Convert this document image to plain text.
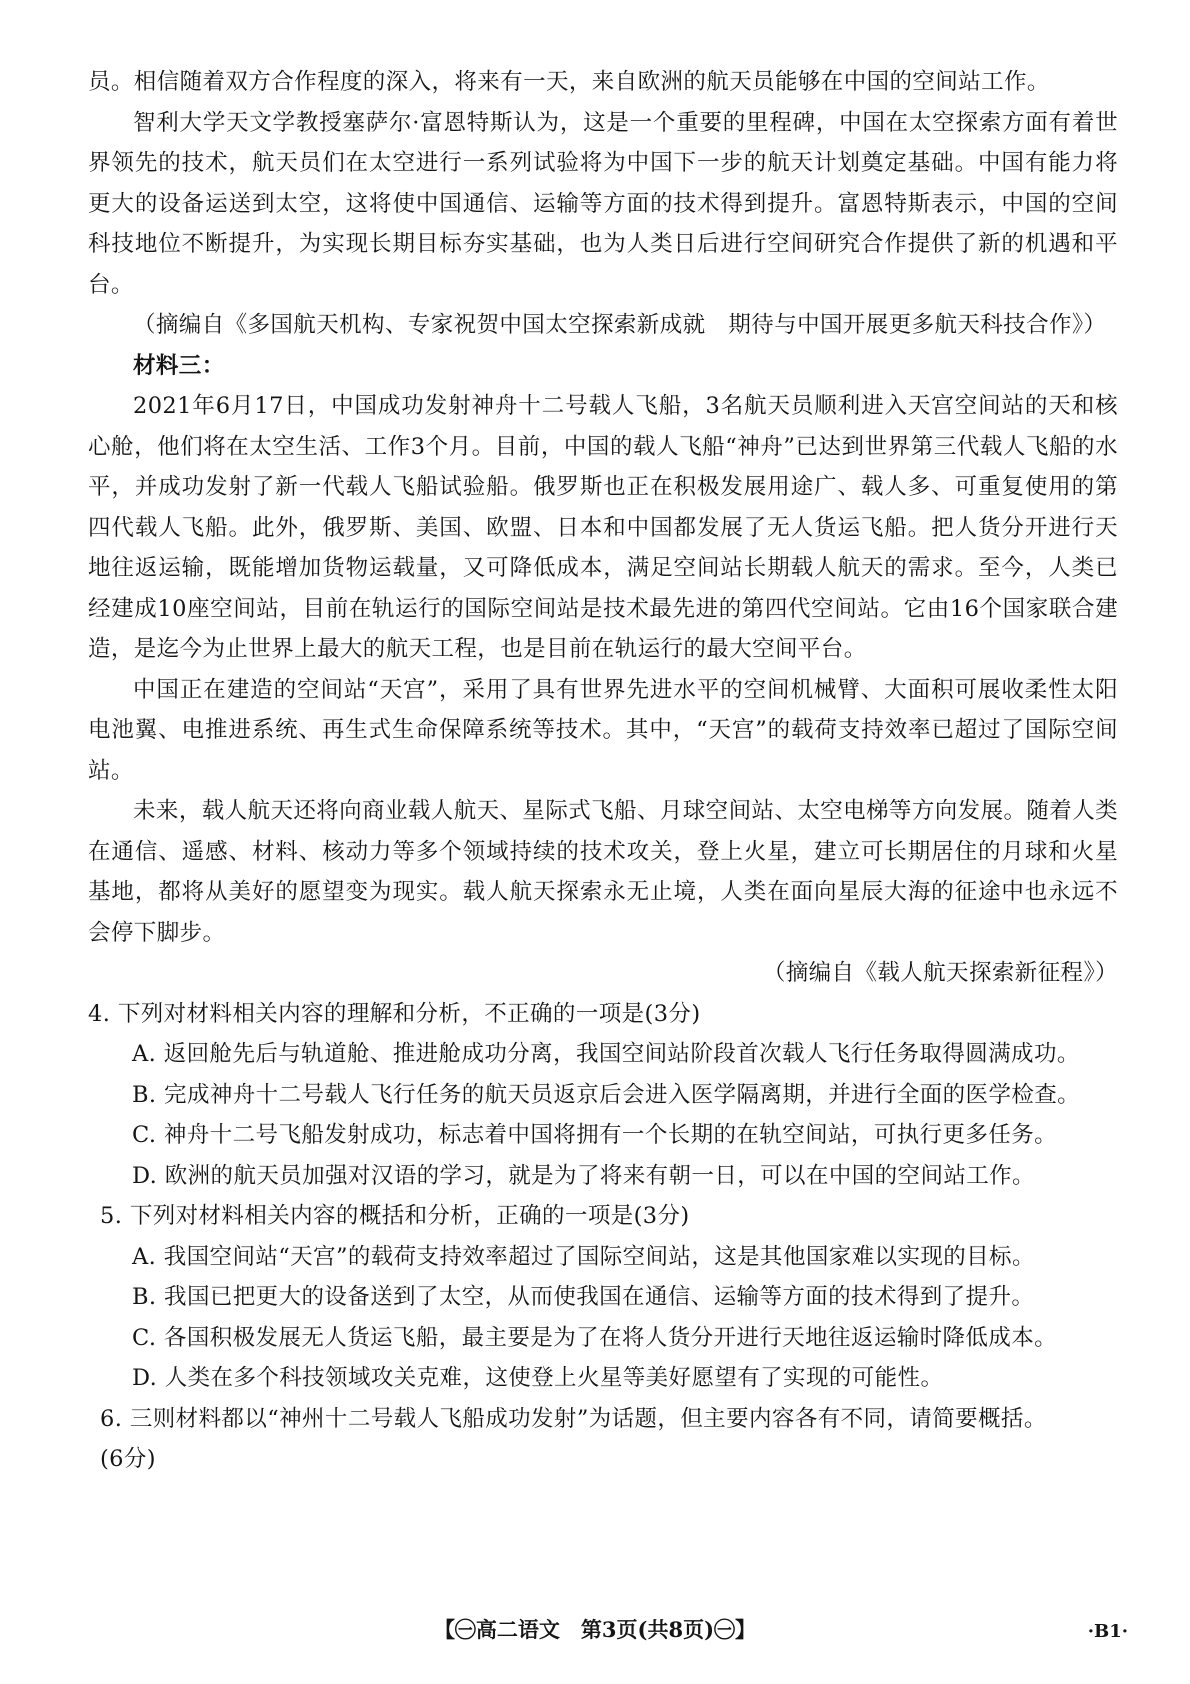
员。相信随着双方合作程度的深入，将来有一天，来自欧洲的航天员能够在中国的空间站工作。

智利大学天文学教授塞萨尔·富恩特斯认为，这是一个重要的里程碑，中国在太空探索方面有着世界领先的技术，航天员们在太空进行一系列试验将为中国下一步的航天计划奠定基础。中国有能力将更大的设备运送到太空，这将使中国通信、运输等方面的技术得到提升。富恩特斯表示，中国的空间科技地位不断提升，为实现长期目标夯实基础，也为人类日后进行空间研究合作提供了新的机遇和平台。

（摘编自《多国航天机构、专家祝贺中国太空探索新成就　期待与中国开展更多航天科技合作》）

材料三：

2021年6月17日，中国成功发射神舟十二号载人飞船，3名航天员顺利进入天宫空间站的天和核心舱，他们将在太空生活、工作3个月。目前，中国的载人飞船“神舟”已达到世界第三代载人飞船的水平，并成功发射了新一代载人飞船试验船。俄罗斯也正在积极发展用途广、载人多、可重复使用的第四代载人飞船。此外，俄罗斯、美国、欧盟、日本和中国都发展了无人货运飞船。把人货分开进行天地往返运输，既能增加货物运载量，又可降低成本，满足空间站长期载人航天的需求。至今，人类已经建成10座空间站，目前在轨运行的国际空间站是技术最先进的第四代空间站。它由16个国家联合建造，是迄今为止世界上最大的航天工程，也是目前在轨运行的最大空间平台。

中国正在建造的空间站“天宫”，采用了具有世界先进水平的空间机械臂、大面积可展收柔性太阳电池翼、电推进系统、再生式生命保障系统等技术。其中，“天宫”的载荷支持效率已超过了国际空间站。

未来，载人航天还将向商业载人航天、星际式飞船、月球空间站、太空电梯等方向发展。随着人类在通信、遥感、材料、核动力等多个领域持续的技术攻关，登上火星，建立可长期居住的月球和火星基地，都将从美好的愿望变为现实。载人航天探索永无止境，人类在面向星辰大海的征途中也永远不会停下脚步。

（摘编自《载人航天探索新征程》）

4. 下列对材料相关内容的理解和分析，不正确的一项是(3分)

A. 返回舱先后与轨道舱、推进舱成功分离，我国空间站阶段首次载人飞行任务取得圆满成功。

B. 完成神舟十二号载人飞行任务的航天员返京后会进入医学隔离期，并进行全面的医学检查。

C. 神舟十二号飞船发射成功，标志着中国将拥有一个长期的在轨空间站，可执行更多任务。

D. 欧洲的航天员加强对汉语的学习，就是为了将来有朝一日，可以在中国的空间站工作。

5. 下列对材料相关内容的概括和分析，正确的一项是(3分)

A. 我国空间站“天宫”的载荷支持效率超过了国际空间站，这是其他国家难以实现的目标。

B. 我国已把更大的设备送到了太空，从而使我国在通信、运输等方面的技术得到了提升。

C. 各国积极发展无人货运飞船，最主要是为了在将人货分开进行天地往返运输时降低成本。

D. 人类在多个科技领域攻关克难，这使登上火星等美好愿望有了实现的可能性。

6. 三则材料都以“神州十二号载人飞船成功发射”为话题，但主要内容各有不同，请简要概括。

(6分)

【㊀高二语文　第3页(共8页)㊀】	·B1·
